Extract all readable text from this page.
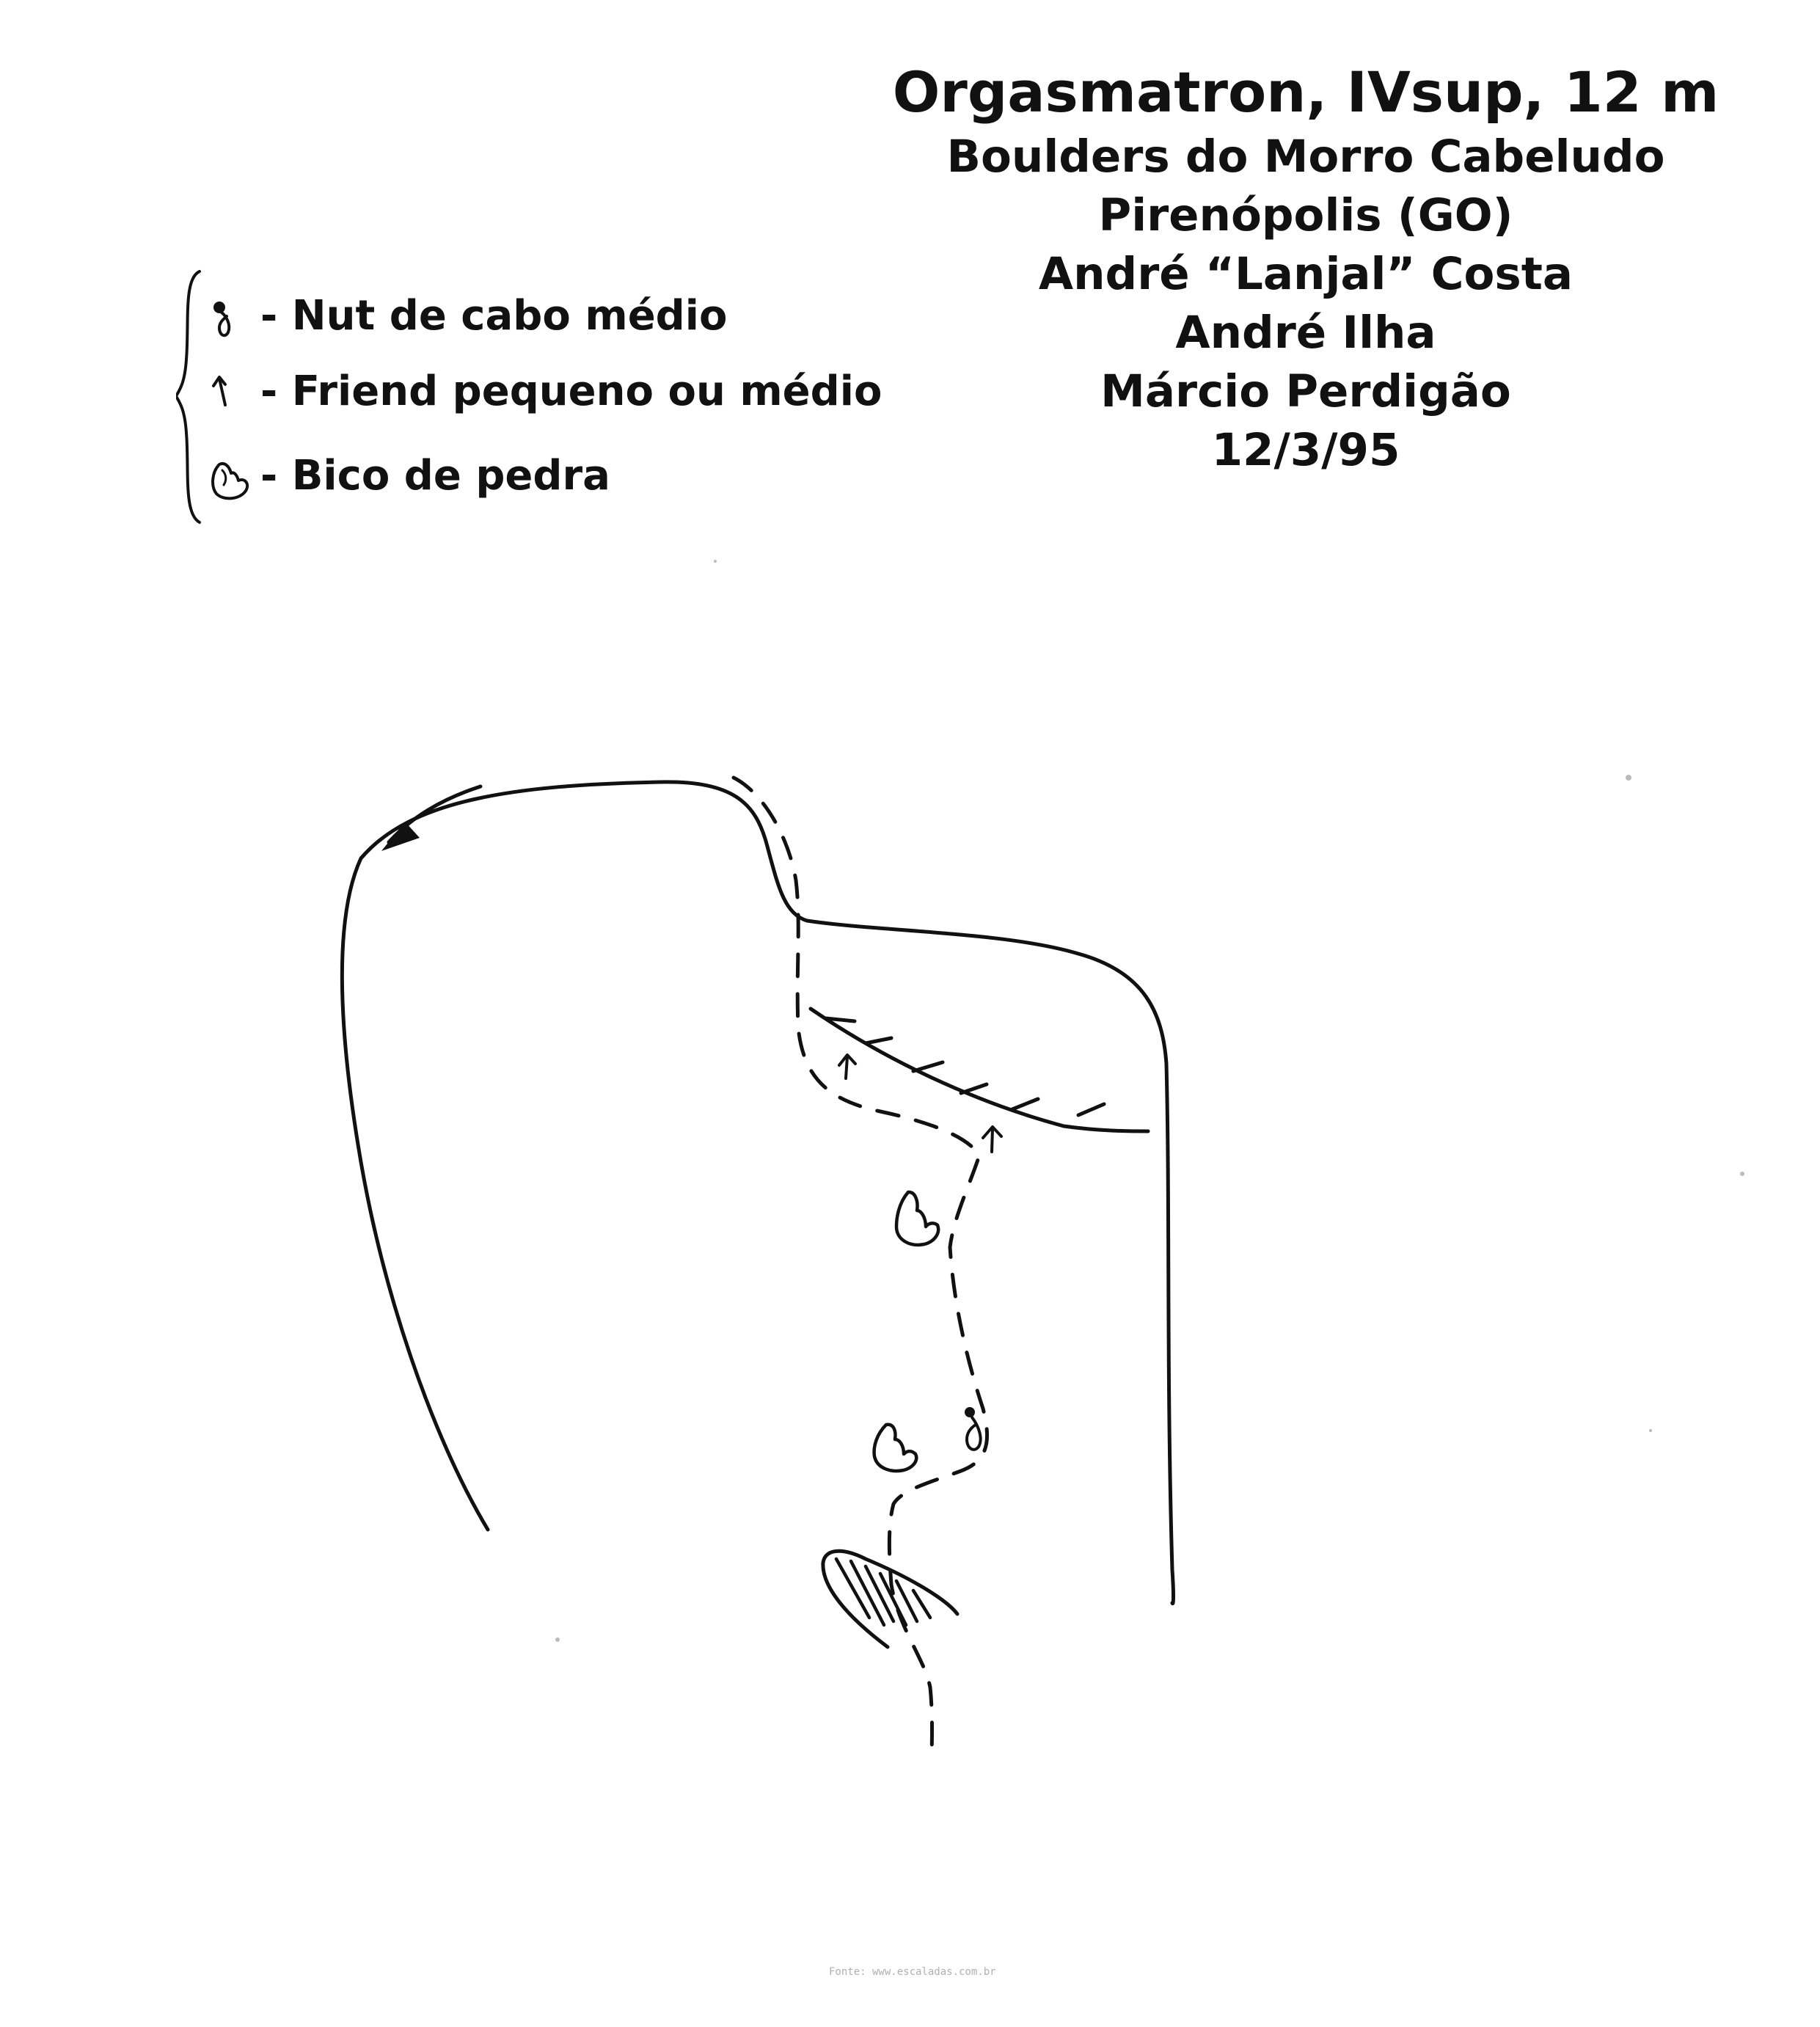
Orgasmatron, IVsup, 12 m
Boulders do Morro Cabeludo
Pirenópolis (GO)
André “Lanjal” Costa
André Ilha
Márcio Perdigão
12/3/95
- Nut de cabo médio
- Friend pequeno ou médio
- Bico de pedra
Fonte: www.escaladas.com.br
